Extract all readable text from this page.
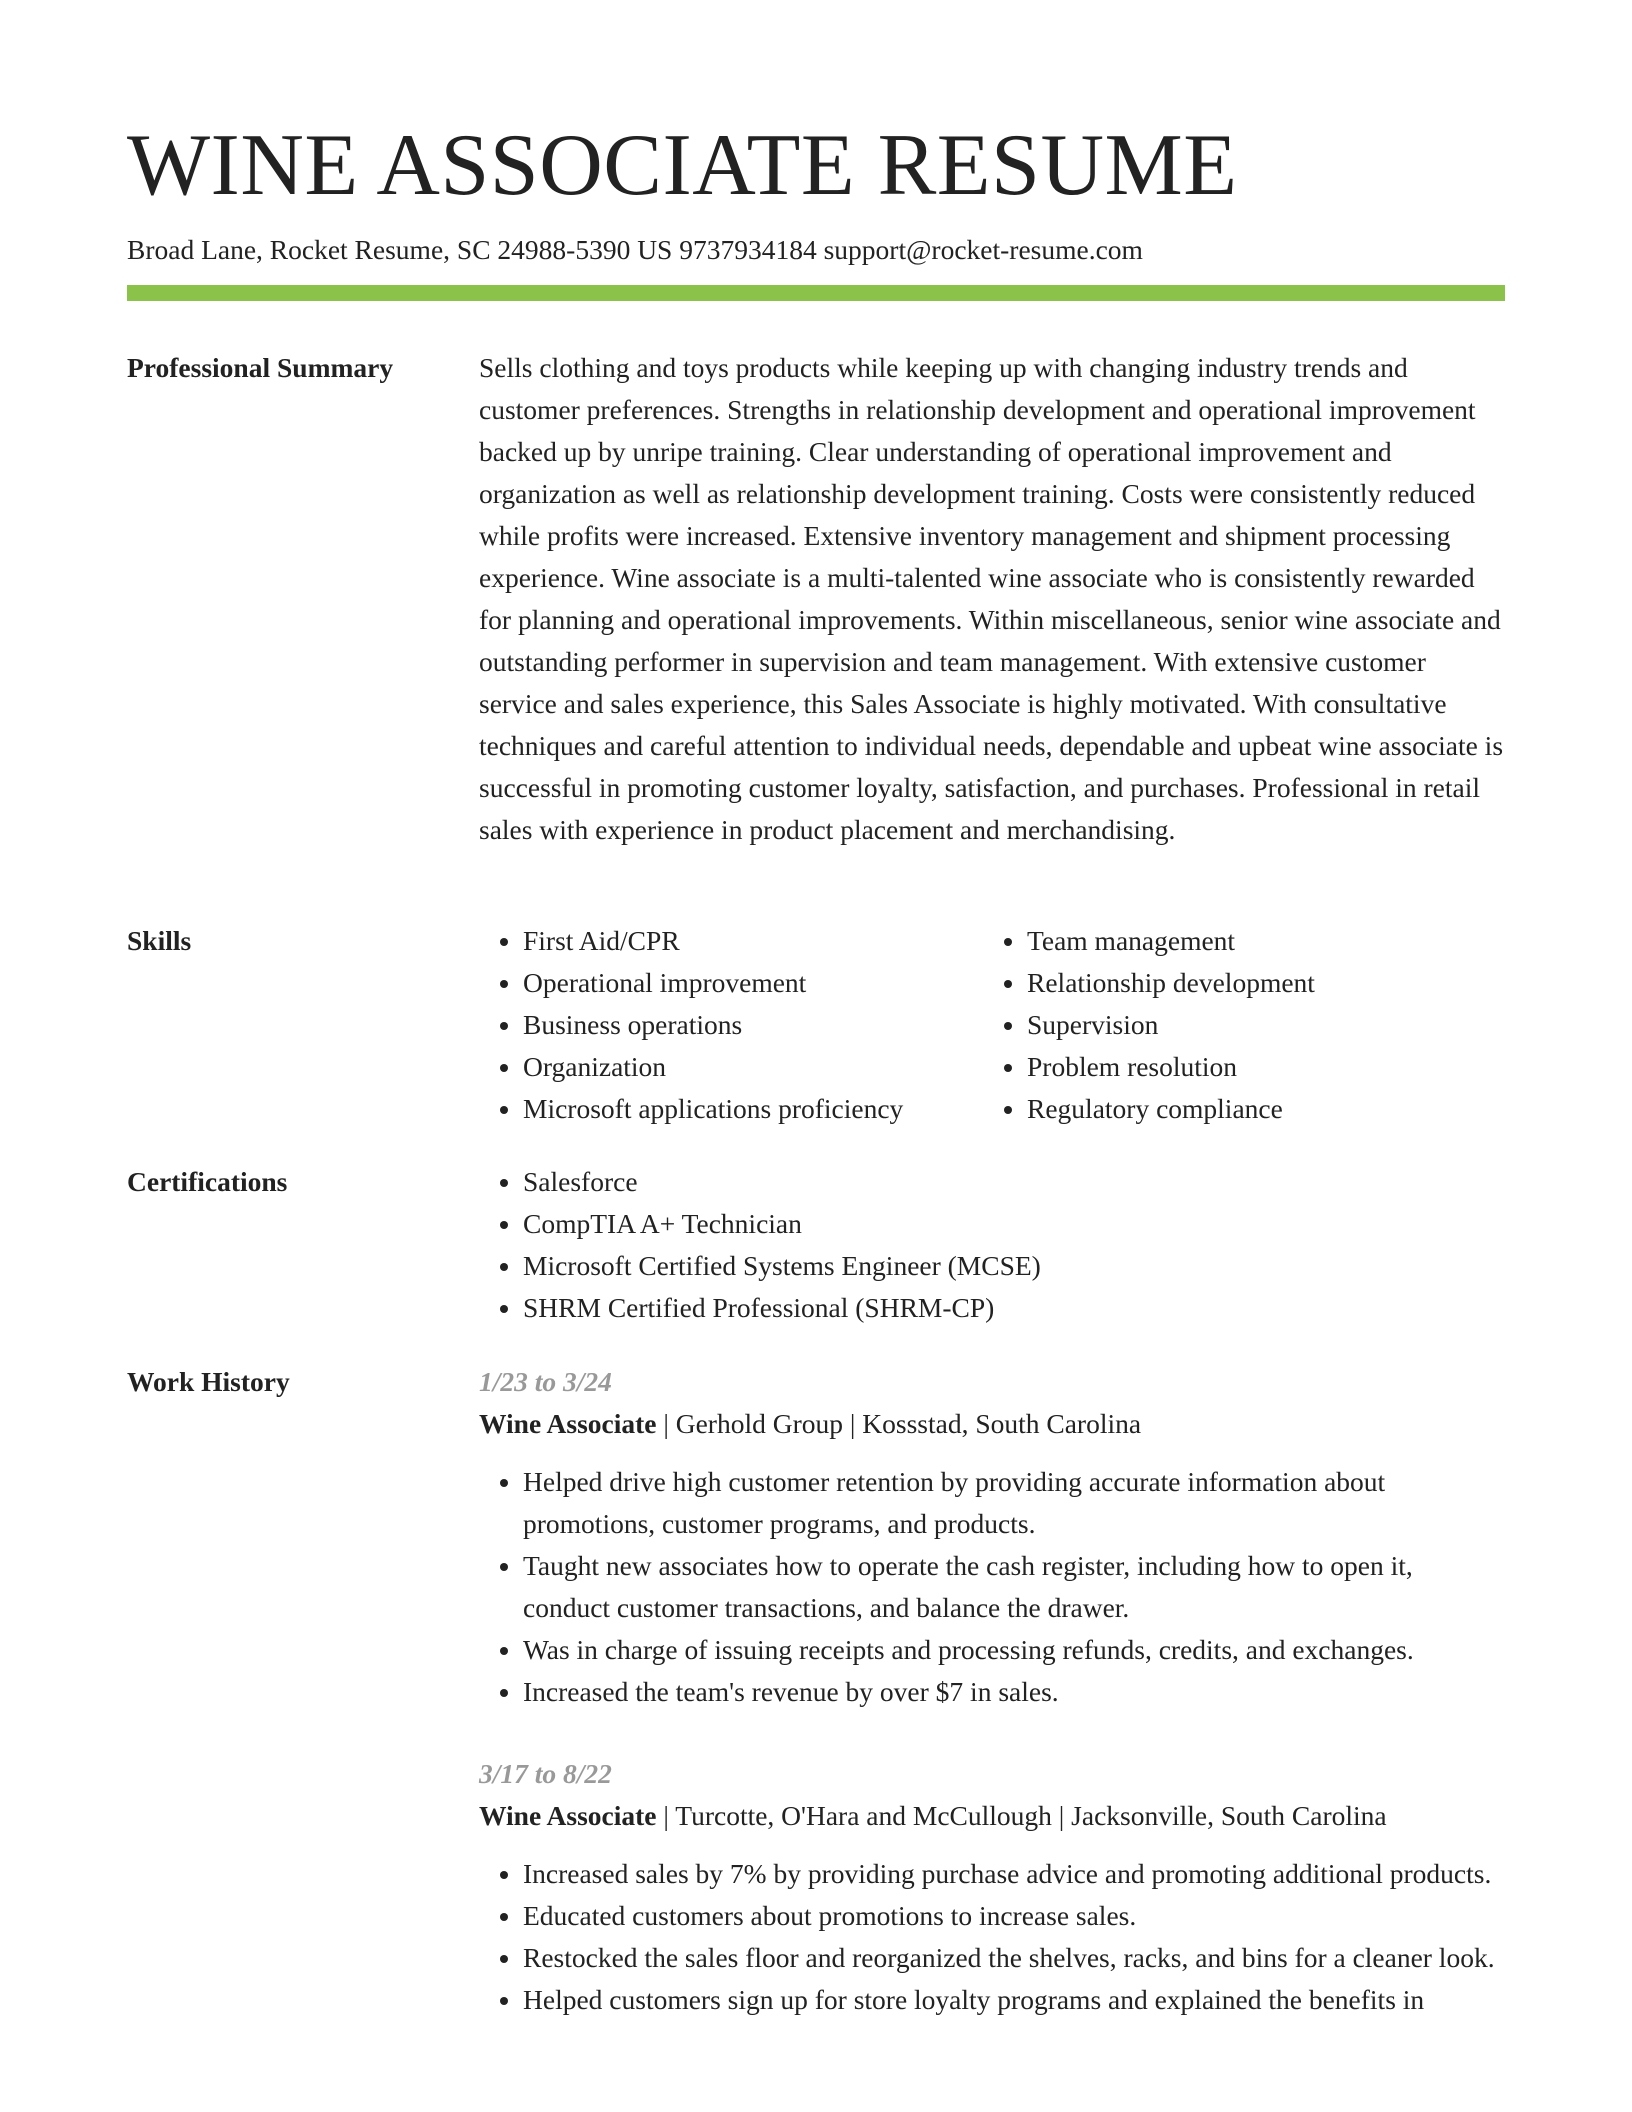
WINE ASSOCIATE RESUME
Broad Lane, Rocket Resume, SC 24988-5390 US 9737934184 support@rocket-resume.com
Professional Summary	Sells clothing and toys products while keeping up with changing industry trends and customer preferences. Strengths in relationship development and operational improvement backed up by unripe training. Clear understanding of operational improvement and organization as well as relationship development training. Costs were consistently reduced while profits were increased. Extensive inventory management and shipment processing experience. Wine associate is a multi-talented wine associate who is consistently rewarded for planning and operational improvements. Within miscellaneous, senior wine associate and outstanding performer in supervision and team management. With extensive customer service and sales experience, this Sales Associate is highly motivated. With consultative techniques and careful attention to individual needs, dependable and upbeat wine associate is successful in promoting customer loyalty, satisfaction, and purchases. Professional in retail sales with experience in product placement and merchandising.

Skills	• First Aid/CPR
• Operational improvement
• Business operations
• Organization
• Microsoft applications proficiency
• Team management
• Relationship development
• Supervision
• Problem resolution
• Regulatory compliance
Certifications	• Salesforce
• CompTIA A+ Technician
• Microsoft Certified Systems Engineer (MCSE)
• SHRM Certified Professional (SHRM-CP)
Work History	1/23 to 3/24
Wine Associate | Gerhold Group | Kossstad, South Carolina
• Helped drive high customer retention by providing accurate information about promotions, customer programs, and products.
• Taught new associates how to operate the cash register, including how to open it, conduct customer transactions, and balance the drawer.
• Was in charge of issuing receipts and processing refunds, credits, and exchanges.
• Increased the team's revenue by over $7 in sales.
3/17 to 8/22
Wine Associate | Turcotte, O'Hara and McCullough | Jacksonville, South Carolina
• Increased sales by 7% by providing purchase advice and promoting additional products.
• Educated customers about promotions to increase sales.
• Restocked the sales floor and reorganized the shelves, racks, and bins for a cleaner look.
• Helped customers sign up for store loyalty programs and explained the benefits in
